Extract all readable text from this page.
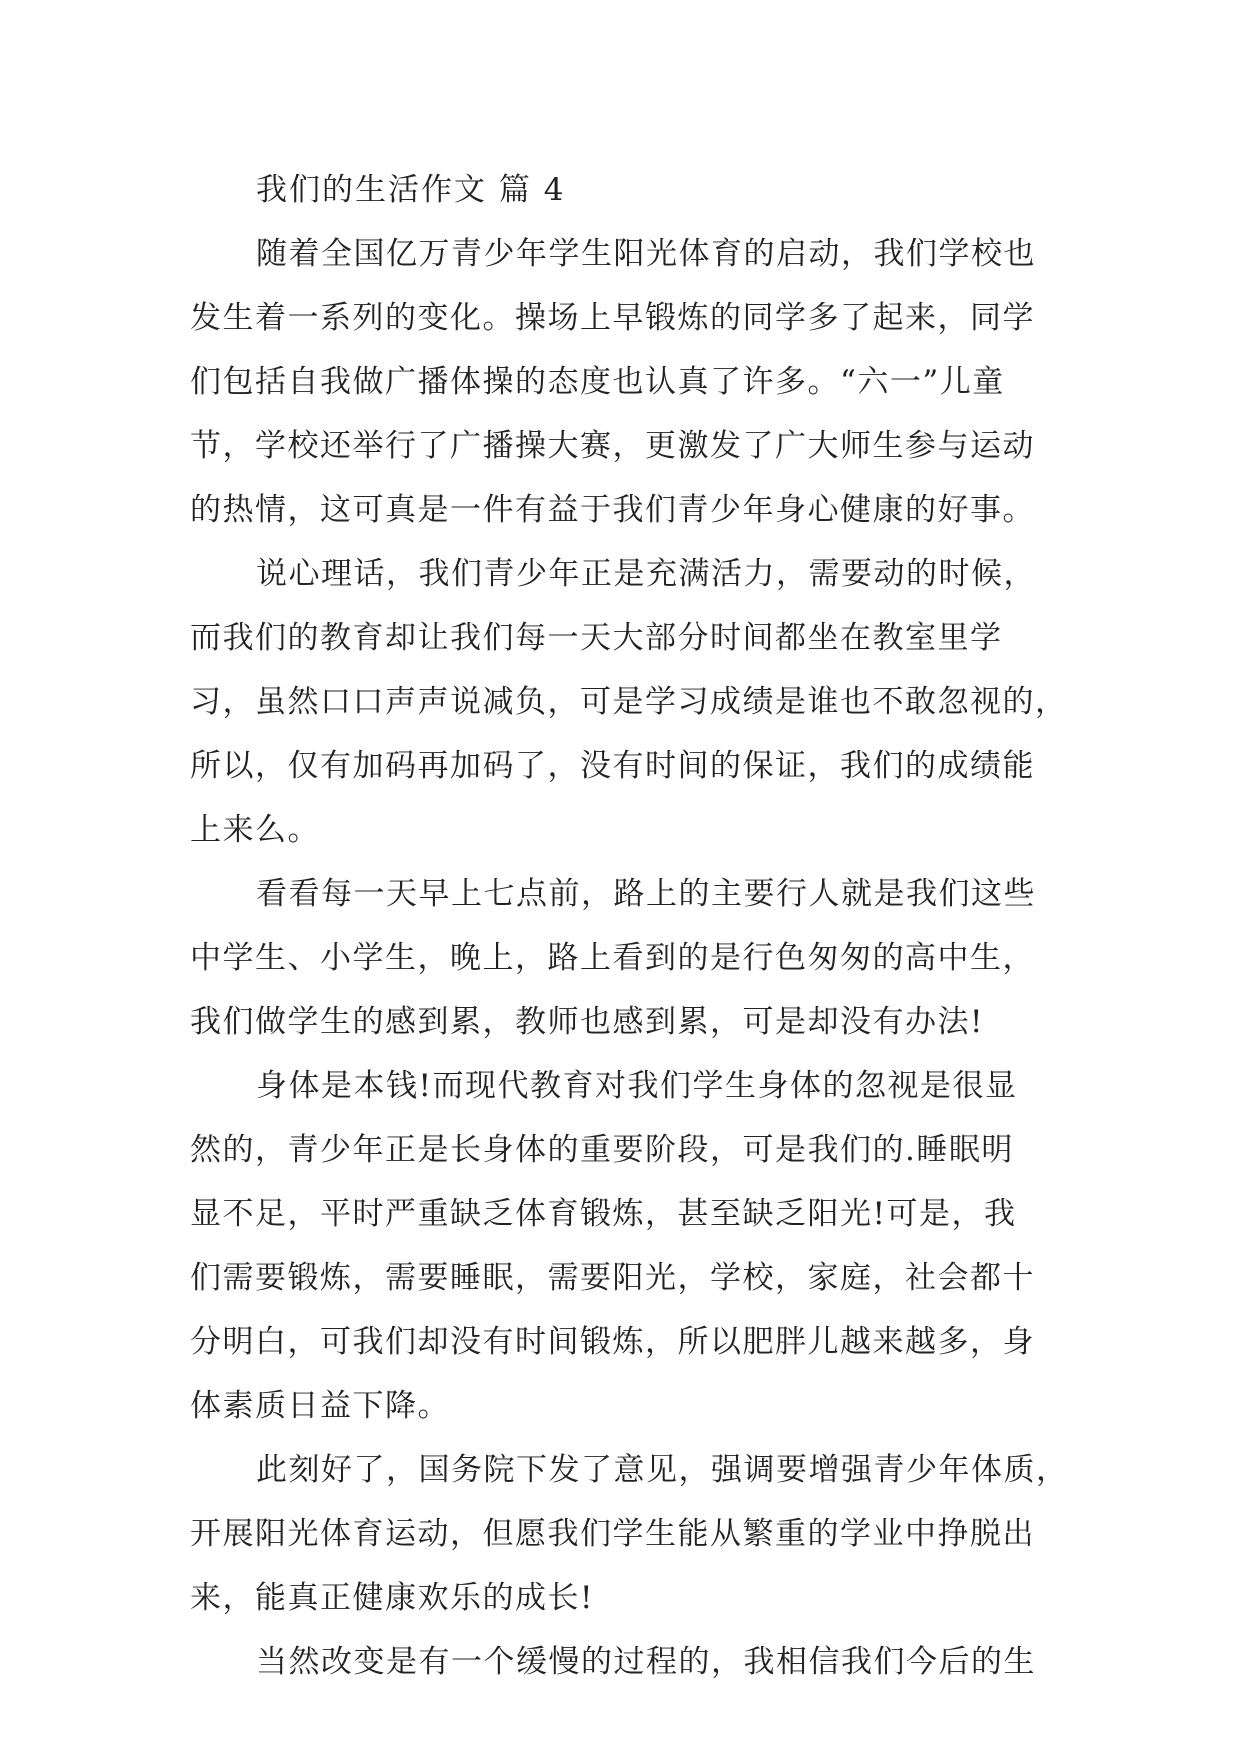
我们的生活作文 篇 4
随着全国亿万青少年学生阳光体育的启动，我们学校也
发生着一系列的变化。操场上早锻炼的同学多了起来，同学
们包括自我做广播体操的态度也认真了许多。“六一”儿童
节，学校还举行了广播操大赛，更激发了广大师生参与运动
的热情，这可真是一件有益于我们青少年身心健康的好事。
说心理话，我们青少年正是充满活力，需要动的时候，
而我们的教育却让我们每一天大部分时间都坐在教室里学
习，虽然口口声声说减负，可是学习成绩是谁也不敢忽视的，
所以，仅有加码再加码了，没有时间的保证，我们的成绩能
上来么。
看看每一天早上七点前，路上的主要行人就是我们这些
中学生、小学生，晚上，路上看到的是行色匆匆的高中生，
我们做学生的感到累，教师也感到累，可是却没有办法!
身体是本钱!而现代教育对我们学生身体的忽视是很显
然的，青少年正是长身体的重要阶段，可是我们的.睡眠明
显不足，平时严重缺乏体育锻炼，甚至缺乏阳光!可是，我
们需要锻炼，需要睡眠，需要阳光，学校，家庭，社会都十
分明白，可我们却没有时间锻炼，所以肥胖儿越来越多，身
体素质日益下降。
此刻好了，国务院下发了意见，强调要增强青少年体质，
开展阳光体育运动，但愿我们学生能从繁重的学业中挣脱出
来，能真正健康欢乐的成长!
当然改变是有一个缓慢的过程的，我相信我们今后的生
